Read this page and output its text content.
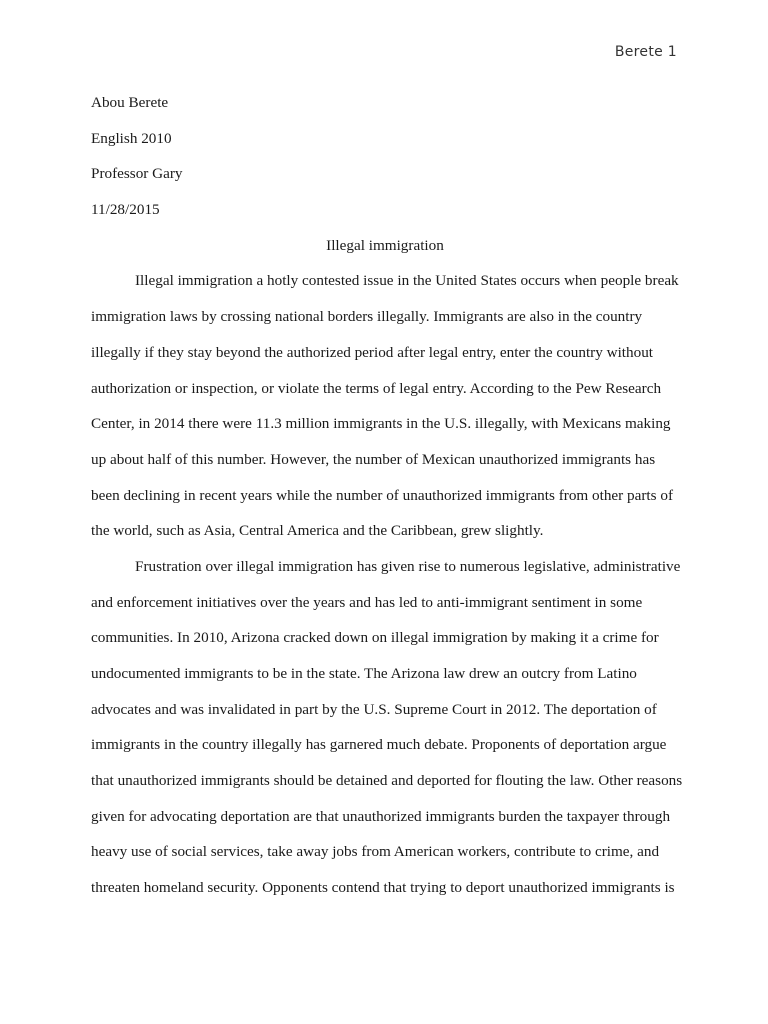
Berete 1
Abou Berete
English 2010
Professor Gary
11/28/2015
Illegal immigration
Illegal immigration a hotly contested issue in the United States occurs when people break
immigration laws by crossing national borders illegally. Immigrants are also in the country
illegally if they stay beyond the authorized period after legal entry, enter the country without
authorization or inspection, or violate the terms of legal entry. According to the Pew Research
Center, in 2014 there were 11.3 million immigrants in the U.S. illegally, with Mexicans making
up about half of this number. However, the number of Mexican unauthorized immigrants has
been declining in recent years while the number of unauthorized immigrants from other parts of
the world, such as Asia, Central America and the Caribbean, grew slightly.
Frustration over illegal immigration has given rise to numerous legislative, administrative
and enforcement initiatives over the years and has led to anti-immigrant sentiment in some
communities. In 2010, Arizona cracked down on illegal immigration by making it a crime for
undocumented immigrants to be in the state. The Arizona law drew an outcry from Latino
advocates and was invalidated in part by the U.S. Supreme Court in 2012. The deportation of
immigrants in the country illegally has garnered much debate. Proponents of deportation argue
that unauthorized immigrants should be detained and deported for flouting the law. Other reasons
given for advocating deportation are that unauthorized immigrants burden the taxpayer through
heavy use of social services, take away jobs from American workers, contribute to crime, and
threaten homeland security. Opponents contend that trying to deport unauthorized immigrants is
